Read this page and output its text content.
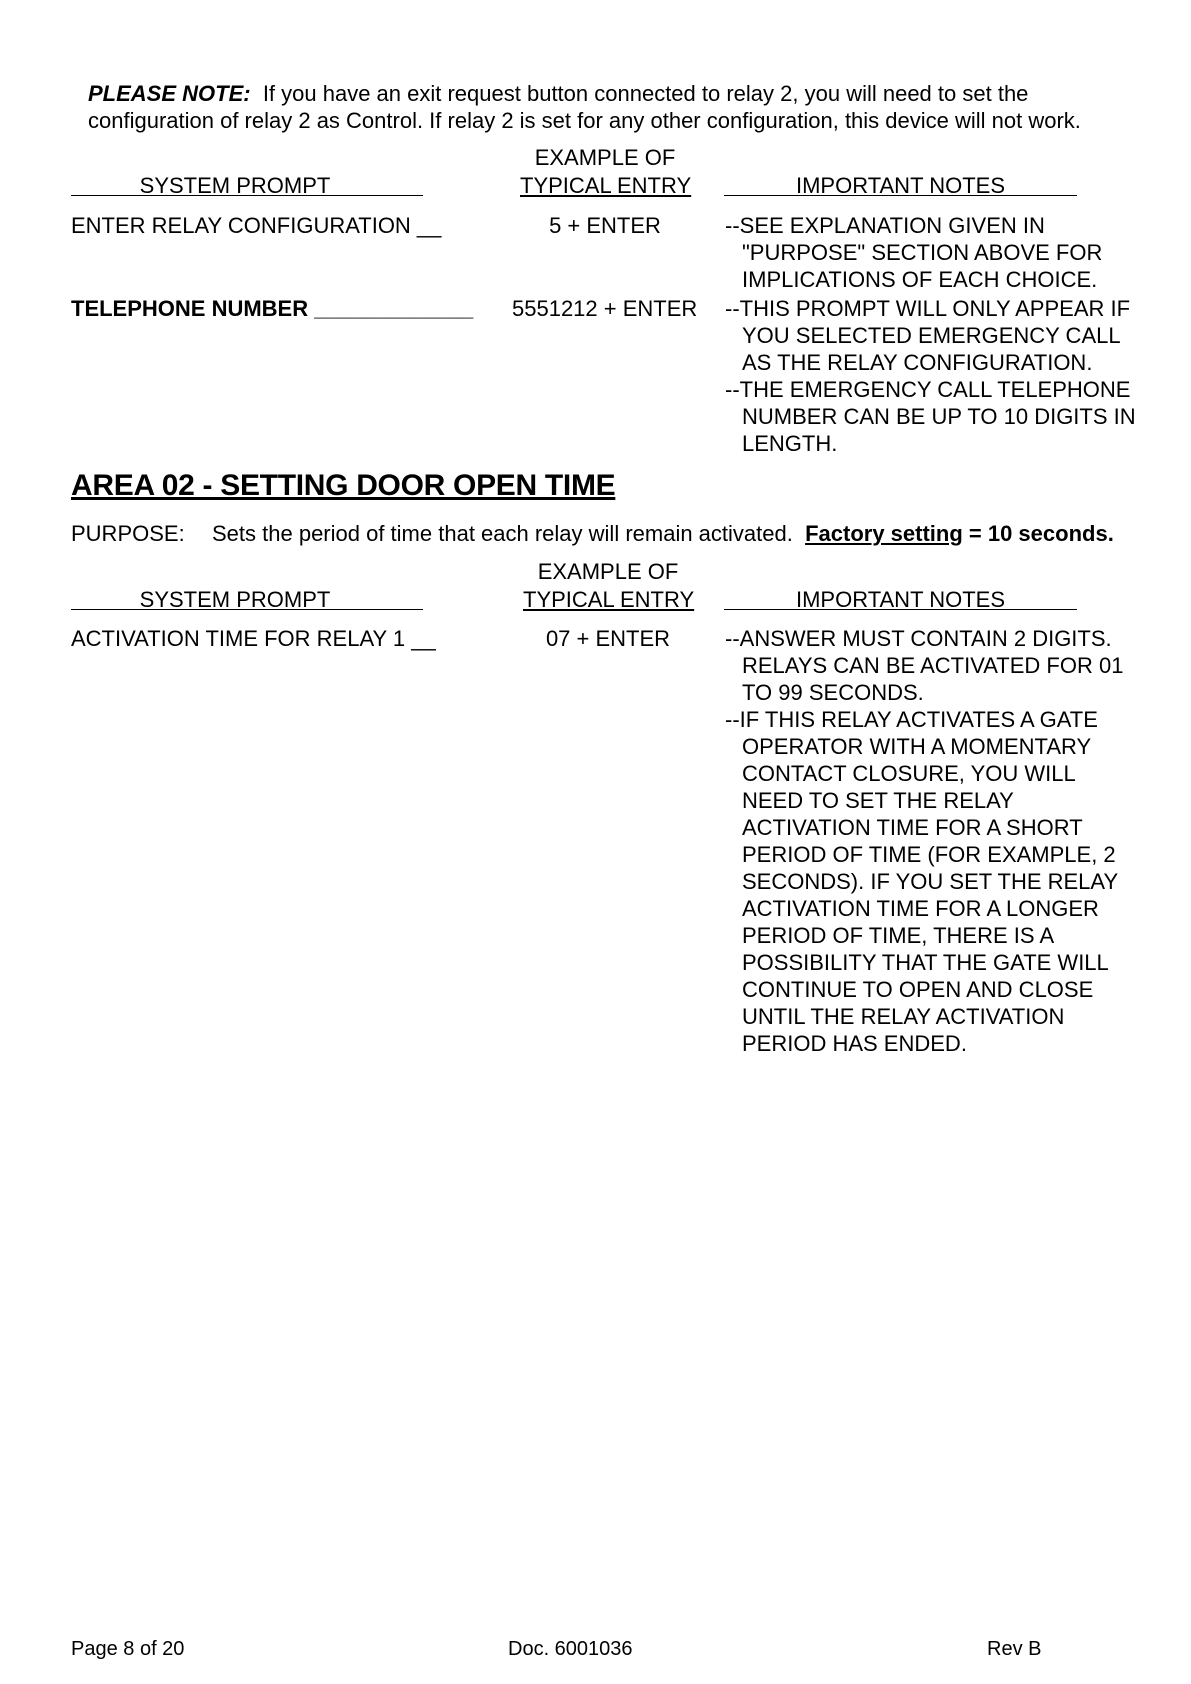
PLEASE NOTE: If you have an exit request button connected to relay 2, you will need to set the
configuration of relay 2 as Control. If relay 2 is set for any other configuration, this device will not work.
SYSTEM PROMPT
EXAMPLE OF
TYPICAL ENTRY	IMPORTANT NOTES
ENTER RELAY CONFIGURATION __	5 + ENTER	--SEE EXPLANATION GIVEN IN "PURPOSE" SECTION ABOVE FOR IMPLICATIONS OF EACH CHOICE.
TELEPHONE NUMBER _____________ 5551212 + ENTER --THIS PROMPT WILL ONLY APPEAR IF YOU SELECTED EMERGENCY CALL AS THE RELAY CONFIGURATION.
--THE EMERGENCY CALL TELEPHONE NUMBER CAN BE UP TO 10 DIGITS IN LENGTH.
AREA 02 - SETTING DOOR OPEN TIME
PURPOSE: Sets the period of time that each relay will remain activated. Factory setting = 10 seconds.
SYSTEM PROMPT
EXAMPLE OF
TYPICAL ENTRY	IMPORTANT NOTES
ACTIVATION TIME FOR RELAY 1 __	07 + ENTER	--ANSWER MUST CONTAIN 2 DIGITS. RELAYS CAN BE ACTIVATED FOR 01 TO 99 SECONDS.
--IF THIS RELAY ACTIVATES A GATE OPERATOR WITH A MOMENTARY CONTACT CLOSURE, YOU WILL NEED TO SET THE RELAY ACTIVATION TIME FOR A SHORT PERIOD OF TIME (FOR EXAMPLE, 2 SECONDS). IF YOU SET THE RELAY ACTIVATION TIME FOR A LONGER PERIOD OF TIME, THERE IS A POSSIBILITY THAT THE GATE WILL CONTINUE TO OPEN AND CLOSE UNTIL THE RELAY ACTIVATION PERIOD HAS ENDED.
Page 8 of 20	Doc. 6001036	Rev B
